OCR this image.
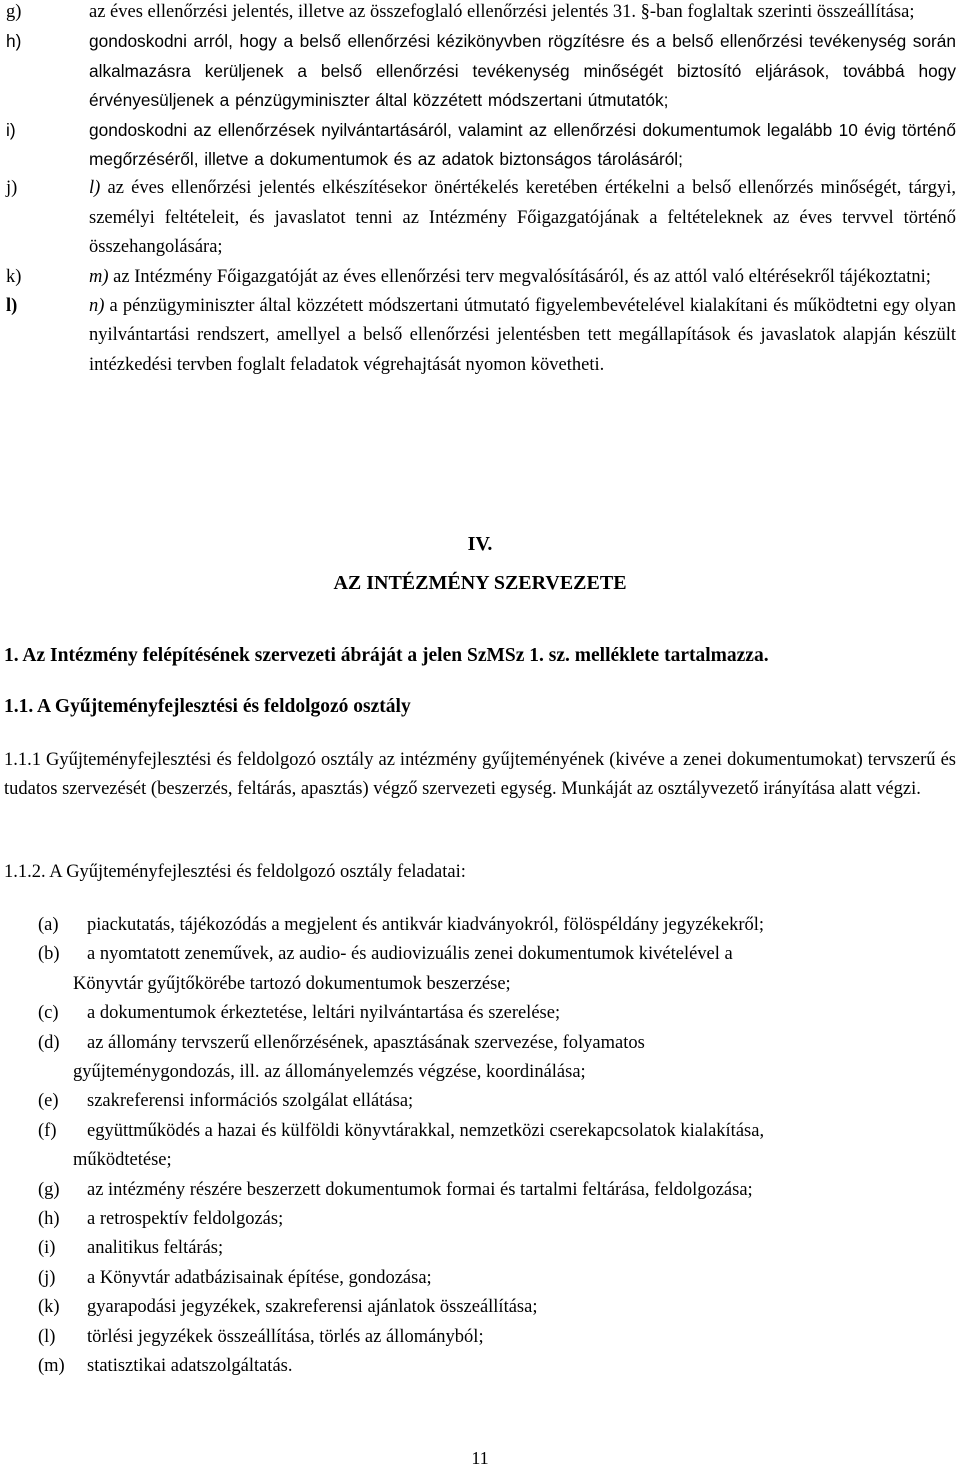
g)	az éves ellenőrzési jelentés, illetve az összefoglaló ellenőrzési jelentés 31. §-ban foglaltak szerinti összeállítása;
h)	gondoskodni arról, hogy a belső ellenőrzési kézikönyvben rögzítésre és a belső ellenőrzési tevékenység során alkalmazásra kerüljenek a belső ellenőrzési tevékenység minőségét biztosító eljárások, továbbá hogy érvényesüljenek a pénzügyminiszter által közzétett módszertani útmutatók;
i)	gondoskodni az ellenőrzések nyilvántartásáról, valamint az ellenőrzési dokumentumok legalább 10 évig történő megőrzéséről, illetve a dokumentumok és az adatok biztonságos tárolásáról;
j)	l) az éves ellenőrzési jelentés elkészítésekor önértékelés keretében értékelni a belső ellenőrzés minőségét, tárgyi, személyi feltételeit, és javaslatot tenni az Intézmény Főigazgatójának a feltételeknek az éves tervvel történő összehangolására;
k)	m) az Intézmény Főigazgatóját az éves ellenőrzési terv megvalósításáról, és az attól való eltérésekről tájékoztatni;
l)	n) a pénzügyminiszter által közzétett módszertani útmutató figyelembevételével kialakítani és működtetni egy olyan nyilvántartási rendszert, amellyel a belső ellenőrzési jelentésben tett megállapítások és javaslatok alapján készült intézkedési tervben foglalt feladatok végrehajtását nyomon követheti.
IV.
AZ INTÉZMÉNY SZERVEZETE
1. Az Intézmény felépítésének szervezeti ábráját a jelen SzMSz 1. sz. melléklete tartalmazza.
1.1. A Gyűjteményfejlesztési és feldolgozó osztály
1.1.1 Gyűjteményfejlesztési és feldolgozó osztály az intézmény gyűjteményének (kivéve a zenei dokumentumokat) tervszerű és tudatos szervezését (beszerzés, feltárás, apasztás) végző szervezeti egység. Munkáját az osztályvezető irányítása alatt végzi.
1.1.2. A Gyűjteményfejlesztési és feldolgozó osztály feladatai:
(a) piackutatás, tájékozódás a megjelent és antikvár kiadványokról, fölöspéldány jegyzékekről;
(b) a nyomtatott zeneművek, az audio- és audiovizuális zenei dokumentumok kivételével a
Könyvtár gyűjtőkörébe tartozó dokumentumok beszerzése;
(c) a dokumentumok érkeztetése, leltári nyilvántartása és szerelése;
(d) az állomány tervszerű ellenőrzésének, apasztásának szervezése, folyamatos
gyűjteménygondozás, ill. az állományelemzés végzése, koordinálása;
(e) szakreferensi információs szolgálat ellátása;
(f) együttműködés a hazai és külföldi könyvtárakkal, nemzetközi cserekapcsolatok kialakítása,
működtetése;
(g) az intézmény részére beszerzett dokumentumok formai és tartalmi feltárása, feldolgozása;
(h) a retrospektív feldolgozás;
(i) analitikus feltárás;
(j) a Könyvtár adatbázisainak építése, gondozása;
(k) gyarapodási jegyzékek, szakreferensi ajánlatok összeállítása;
(l) törlési jegyzékek összeállítása, törlés az állományból;
(m) statisztikai adatszolgáltatás.
11
